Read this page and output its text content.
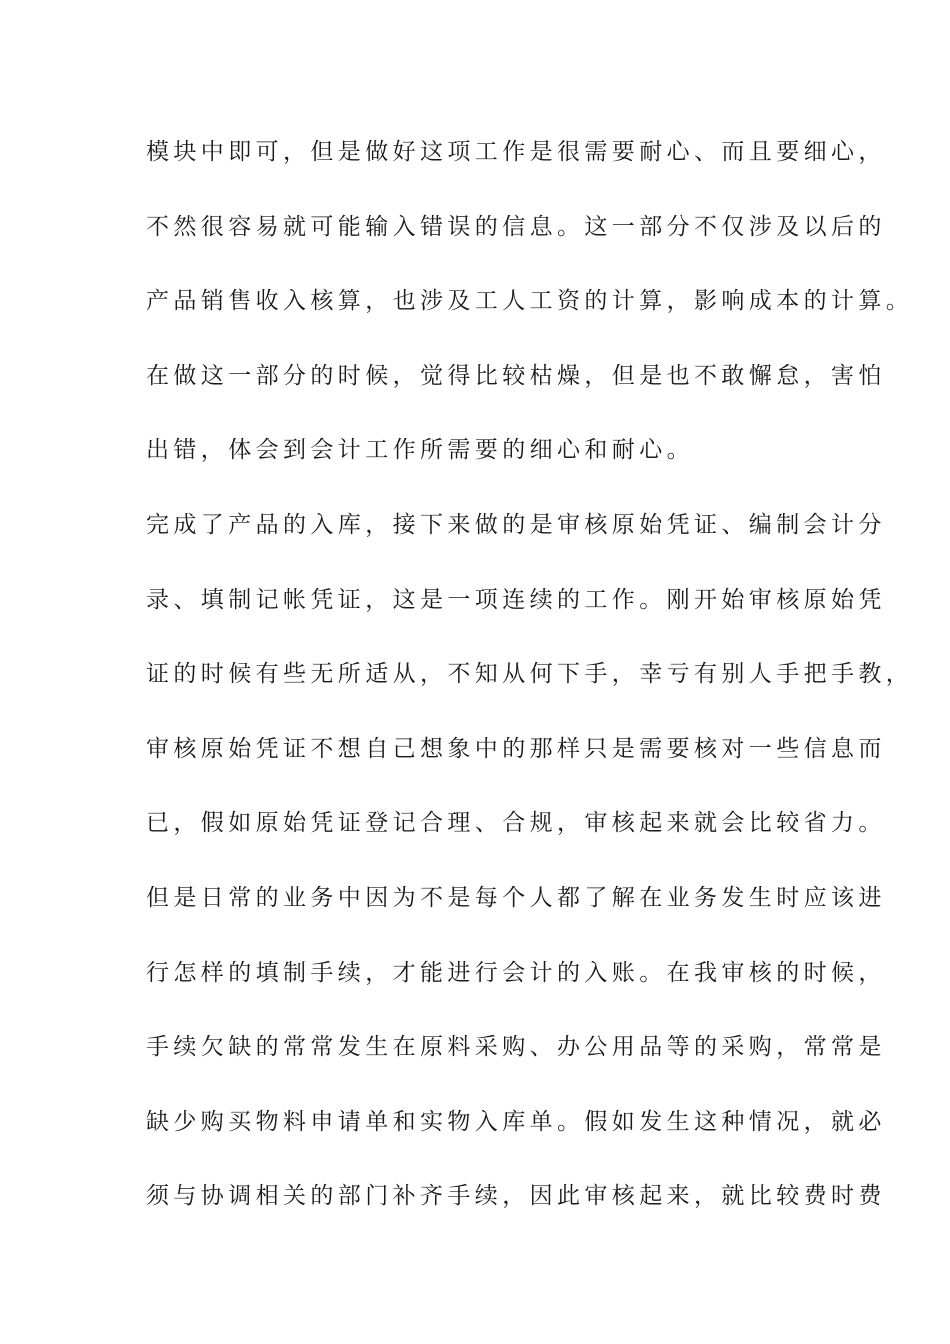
模块中即可，但是做好这项工作是很需要耐心、而且要细心，
不然很容易就可能输入错误的信息。这一部分不仅涉及以后的
产品销售收入核算，也涉及工人工资的计算，影响成本的计算。
在做这一部分的时候，觉得比较枯燥，但是也不敢懈怠，害怕
出错，体会到会计工作所需要的细心和耐心。
完成了产品的入库，接下来做的是审核原始凭证、编制会计分
录、填制记帐凭证，这是一项连续的工作。刚开始审核原始凭
证的时候有些无所适从，不知从何下手，幸亏有别人手把手教，
审核原始凭证不想自己想象中的那样只是需要核对一些信息而
已，假如原始凭证登记合理、合规，审核起来就会比较省力。
但是日常的业务中因为不是每个人都了解在业务发生时应该进
行怎样的填制手续，才能进行会计的入账。在我审核的时候，
手续欠缺的常常发生在原料采购、办公用品等的采购，常常是
缺少购买物料申请单和实物入库单。假如发生这种情况，就必
须与协调相关的部门补齐手续，因此审核起来，就比较费时费
